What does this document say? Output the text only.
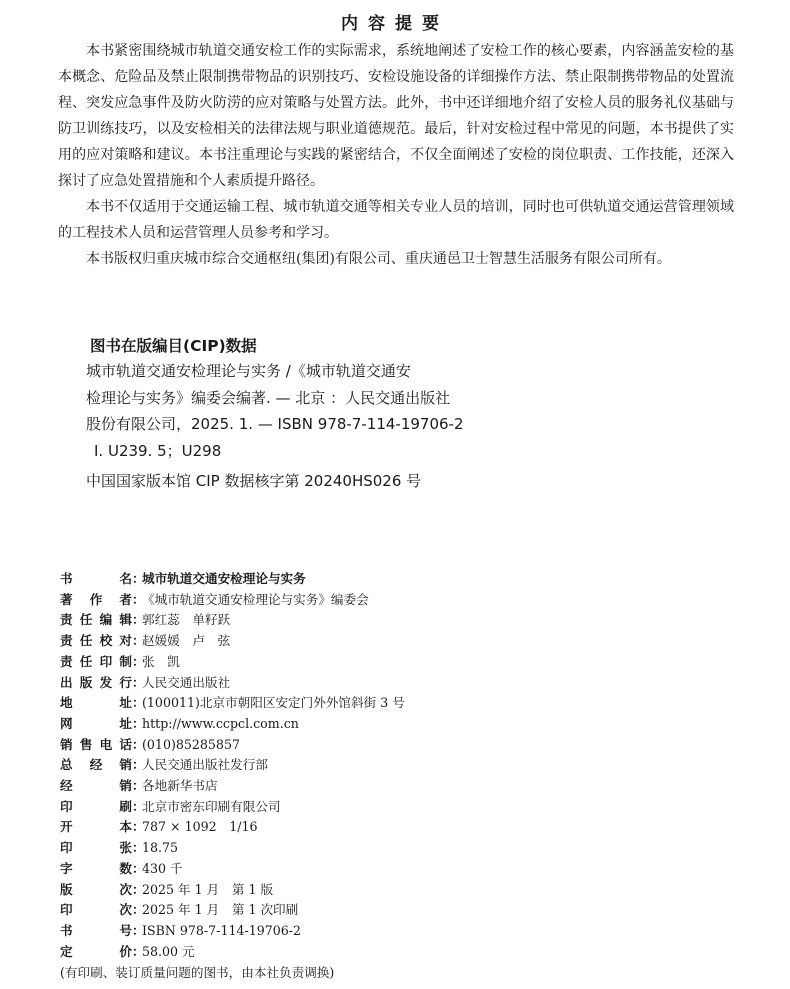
内容提要

本书紧密围绕城市轨道交通安检工作的实际需求，系统地阐述了安检工作的核心要素，内容涵盖安检的基本概念、危险品及禁止限制携带物品的识别技巧、安检设施设备的详细操作方法、禁止限制携带物品的处置流程、突发应急事件及防火防涝的应对策略与处置方法。此外，书中还详细地介绍了安检人员的服务礼仪基础与防卫训练技巧，以及安检相关的法律法规与职业道德规范。最后，针对安检过程中常见的问题，本书提供了实用的应对策略和建议。本书注重理论与实践的紧密结合，不仅全面阐述了安检的岗位职责、工作技能，还深入探讨了应急处置措施和个人素质提升路径。

本书不仅适用于交通运输工程、城市轨道交通等相关专业人员的培训，同时也可供轨道交通运营管理领域的工程技术人员和运营管理人员参考和学习。

本书版权归重庆城市综合交通枢纽(集团)有限公司、重庆通邑卫士智慧生活服务有限公司所有。

图书在版编目(CIP)数据
城市轨道交通安检理论与实务 /《城市轨道交通安
检理论与实务》编委会编著. — 北京 ：人民交通出版社
股份有限公司，2025. 1. — ISBN 978-7-114-19706-2
Ⅰ. U239. 5；U298
中国国家版本馆 CIP 数据核字第 20240HS026 号
书名 ：
城市轨道交通安检理论与实务
著作者 ：
《城市轨道交通安检理论与实务》编委会
责任编辑 ：
郭红蕊　单籽跃
责任校对 ：
赵媛媛　卢　弦
责任印制 ：
张　凯
出版发行 ：
人民交通出版社
地址 ：
(100011)北京市朝阳区安定门外外馆斜街 3 号
网址 ：
http://www.ccpcl.com.cn
销售电话 ：
(010)85285857
总经销 ：
人民交通出版社发行部
经销 ：
各地新华书店
印刷 ：
北京市密东印刷有限公司
开本 ：
787 × 1092　1/16
印张 ：
18.75
字数 ：
430 千
版次 ：
2025 年 1 月　第 1 版
印次 ：
2025 年 1 月　第 1 次印刷
书号 ：
ISBN 978-7-114-19706-2
定价 ：
58.00 元
(有印刷、装订质量问题的图书，由本社负责调换)
